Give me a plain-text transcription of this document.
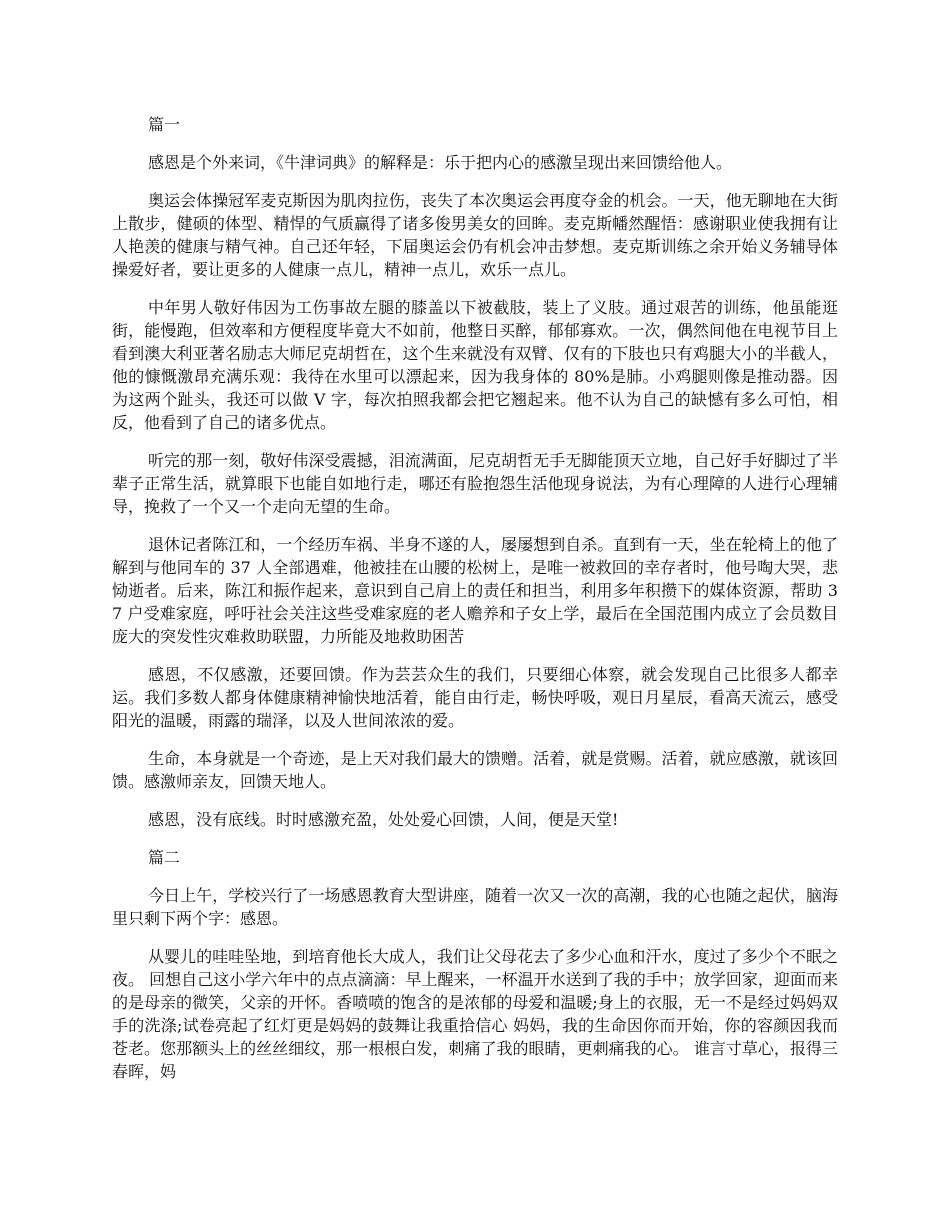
篇一

感恩是个外来词，《牛津词典》的解释是：乐于把内心的感激呈现出来回馈给他人。

奥运会体操冠军麦克斯因为肌肉拉伤，丧失了本次奥运会再度夺金的机会。一天，他无聊地在大街上散步，健硕的体型、精悍的气质赢得了诸多俊男美女的回眸。麦克斯幡然醒悟：感谢职业使我拥有让人艳羡的健康与精气神。自己还年轻，下届奥运会仍有机会冲击梦想。麦克斯训练之余开始义务辅导体操爱好者，要让更多的人健康一点儿，精神一点儿，欢乐一点儿。

中年男人敬好伟因为工伤事故左腿的膝盖以下被截肢，装上了义肢。通过艰苦的训练，他虽能逛街，能慢跑，但效率和方便程度毕竟大不如前，他整日买醉，郁郁寡欢。一次，偶然间他在电视节目上看到澳大利亚著名励志大师尼克胡哲在，这个生来就没有双臂、仅有的下肢也只有鸡腿大小的半截人，他的慷慨激昂充满乐观：我待在水里可以漂起来，因为我身体的 80%是肺。小鸡腿则像是推动器。因为这两个趾头，我还可以做 V 字，每次拍照我都会把它翘起来。他不认为自己的缺憾有多么可怕，相反，他看到了自己的诸多优点。

听完的那一刻，敬好伟深受震撼，泪流满面，尼克胡哲无手无脚能顶天立地，自己好手好脚过了半辈子正常生活，就算眼下也能自如地行走，哪还有脸抱怨生活他现身说法，为有心理障的人进行心理辅导，挽救了一个又一个走向无望的生命。

退休记者陈江和，一个经历车祸、半身不遂的人，屡屡想到自杀。直到有一天，坐在轮椅上的他了解到与他同车的 37 人全部遇难，他被挂在山腰的松树上，是唯一被救回的幸存者时，他号啕大哭，悲恸逝者。后来，陈江和振作起来，意识到自己肩上的责任和担当，利用多年积攒下的媒体资源，帮助 37 户受难家庭，呼吁社会关注这些受难家庭的老人赡养和子女上学，最后在全国范围内成立了会员数目庞大的突发性灾难救助联盟，力所能及地救助困苦

感恩，不仅感激，还要回馈。作为芸芸众生的我们，只要细心体察，就会发现自己比很多人都幸运。我们多数人都身体健康精神愉快地活着，能自由行走，畅快呼吸，观日月星辰，看高天流云，感受阳光的温暖，雨露的瑞泽，以及人世间浓浓的爱。

生命，本身就是一个奇迹，是上天对我们最大的馈赠。活着，就是赏赐。活着，就应感激，就该回馈。感激师亲友，回馈天地人。

感恩，没有底线。时时感激充盈，处处爱心回馈，人间，便是天堂!

篇二

今日上午，学校兴行了一场感恩教育大型讲座，随着一次又一次的高潮，我的心也随之起伏，脑海里只剩下两个字：感恩。

从婴儿的哇哇坠地，到培育他长大成人，我们让父母花去了多少心血和汗水，度过了多少个不眠之夜。 回想自己这小学六年中的点点滴滴：早上醒来，一杯温开水送到了我的手中；放学回家，迎面而来的是母亲的微笑，父亲的开怀。香喷喷的饱含的是浓郁的母爱和温暖;身上的衣服，无一不是经过妈妈双手的洗涤;试卷亮起了红灯更是妈妈的鼓舞让我重拾信心 妈妈，我的生命因你而开始，你的容颜因我而苍老。您那额头上的丝丝细纹，那一根根白发，刺痛了我的眼睛，更刺痛我的心。 谁言寸草心，报得三春晖，妈
